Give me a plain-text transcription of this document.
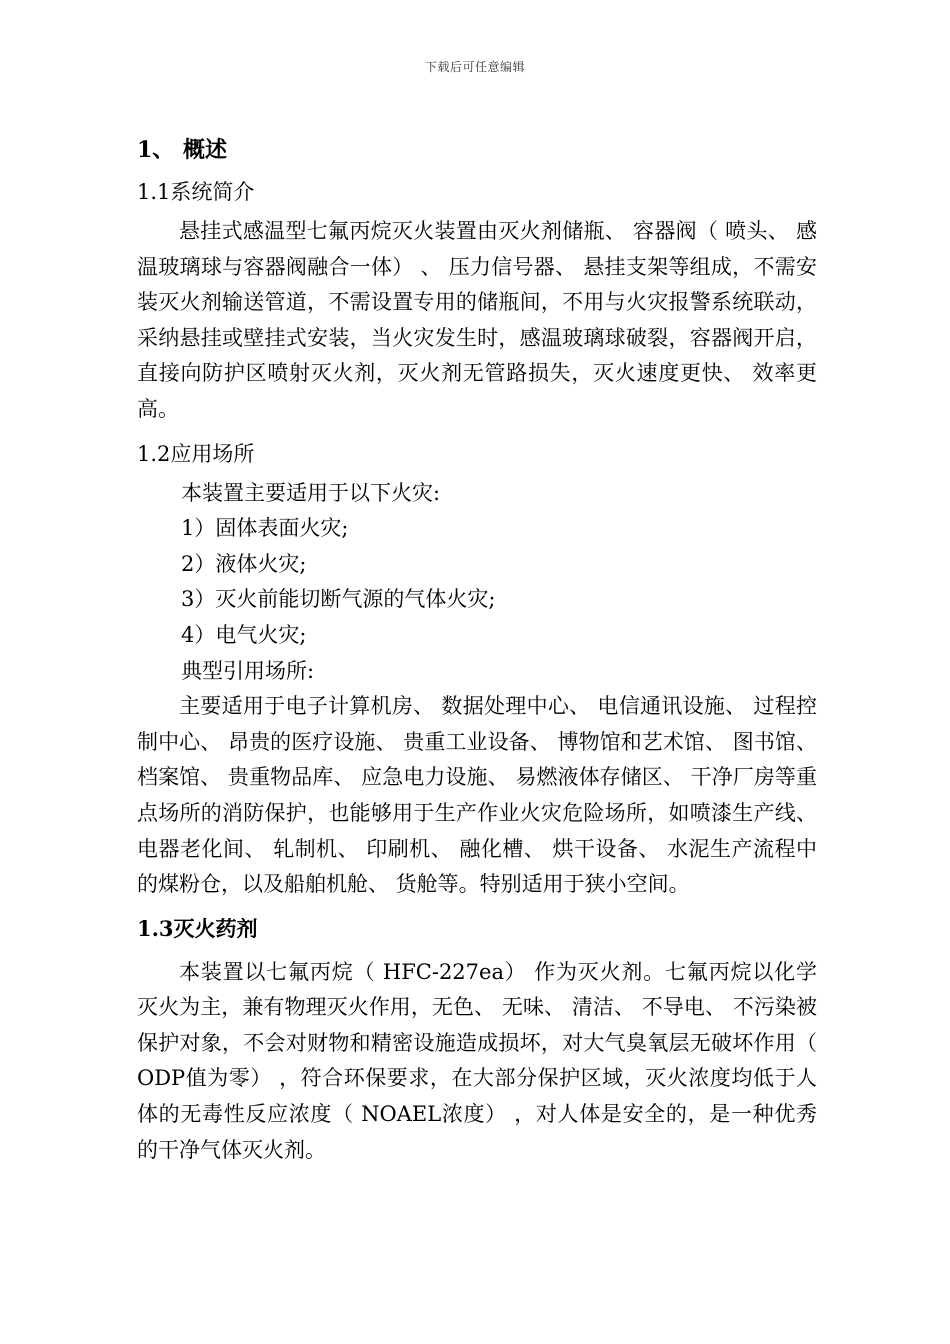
下载后可任意编辑
1、 概述
1.1系统简介

悬挂式感温型七氟丙烷灭火装置由灭火剂储瓶、 容器阀（ 喷头、 感温玻璃球与容器阀融合一体） 、 压力信号器、 悬挂支架等组成，不需安装灭火剂输送管道，不需设置专用的储瓶间，不用与火灾报警系统联动，采纳悬挂或壁挂式安装，当火灾发生时，感温玻璃球破裂，容器阀开启，直接向防护区喷射灭火剂，灭火剂无管路损失，灭火速度更快、 效率更高。

1.2应用场所

本装置主要适用于以下火灾:

1）固体表面火灾;

2）液体火灾;

3）灭火前能切断气源的气体火灾;

4）电气火灾;

典型引用场所:

主要适用于电子计算机房、 数据处理中心、 电信通讯设施、 过程控制中心、 昂贵的医疗设施、 贵重工业设备、 博物馆和艺术馆、 图书馆、 档案馆、 贵重物品库、 应急电力设施、 易燃液体存储区、 干净厂房等重点场所的消防保护，也能够用于生产作业火灾危险场所，如喷漆生产线、 电器老化间、 轧制机、 印刷机、 融化槽、 烘干设备、 水泥生产流程中的煤粉仓，以及船舶机舱、 货舱等。特别适用于狭小空间。

1.3灭火药剂

本装置以七氟丙烷（ HFC-227ea） 作为灭火剂。七氟丙烷以化学灭火为主，兼有物理灭火作用，无色、 无味、 清洁、 不导电、 不污染被保护对象，不会对财物和精密设施造成损坏，对大气臭氧层无破坏作用（ ODP值为零） ，符合环保要求，在大部分保护区域，灭火浓度均低于人体的无毒性反应浓度（ NOAEL浓度） ，对人体是安全的，是一种优秀的干净气体灭火剂。
